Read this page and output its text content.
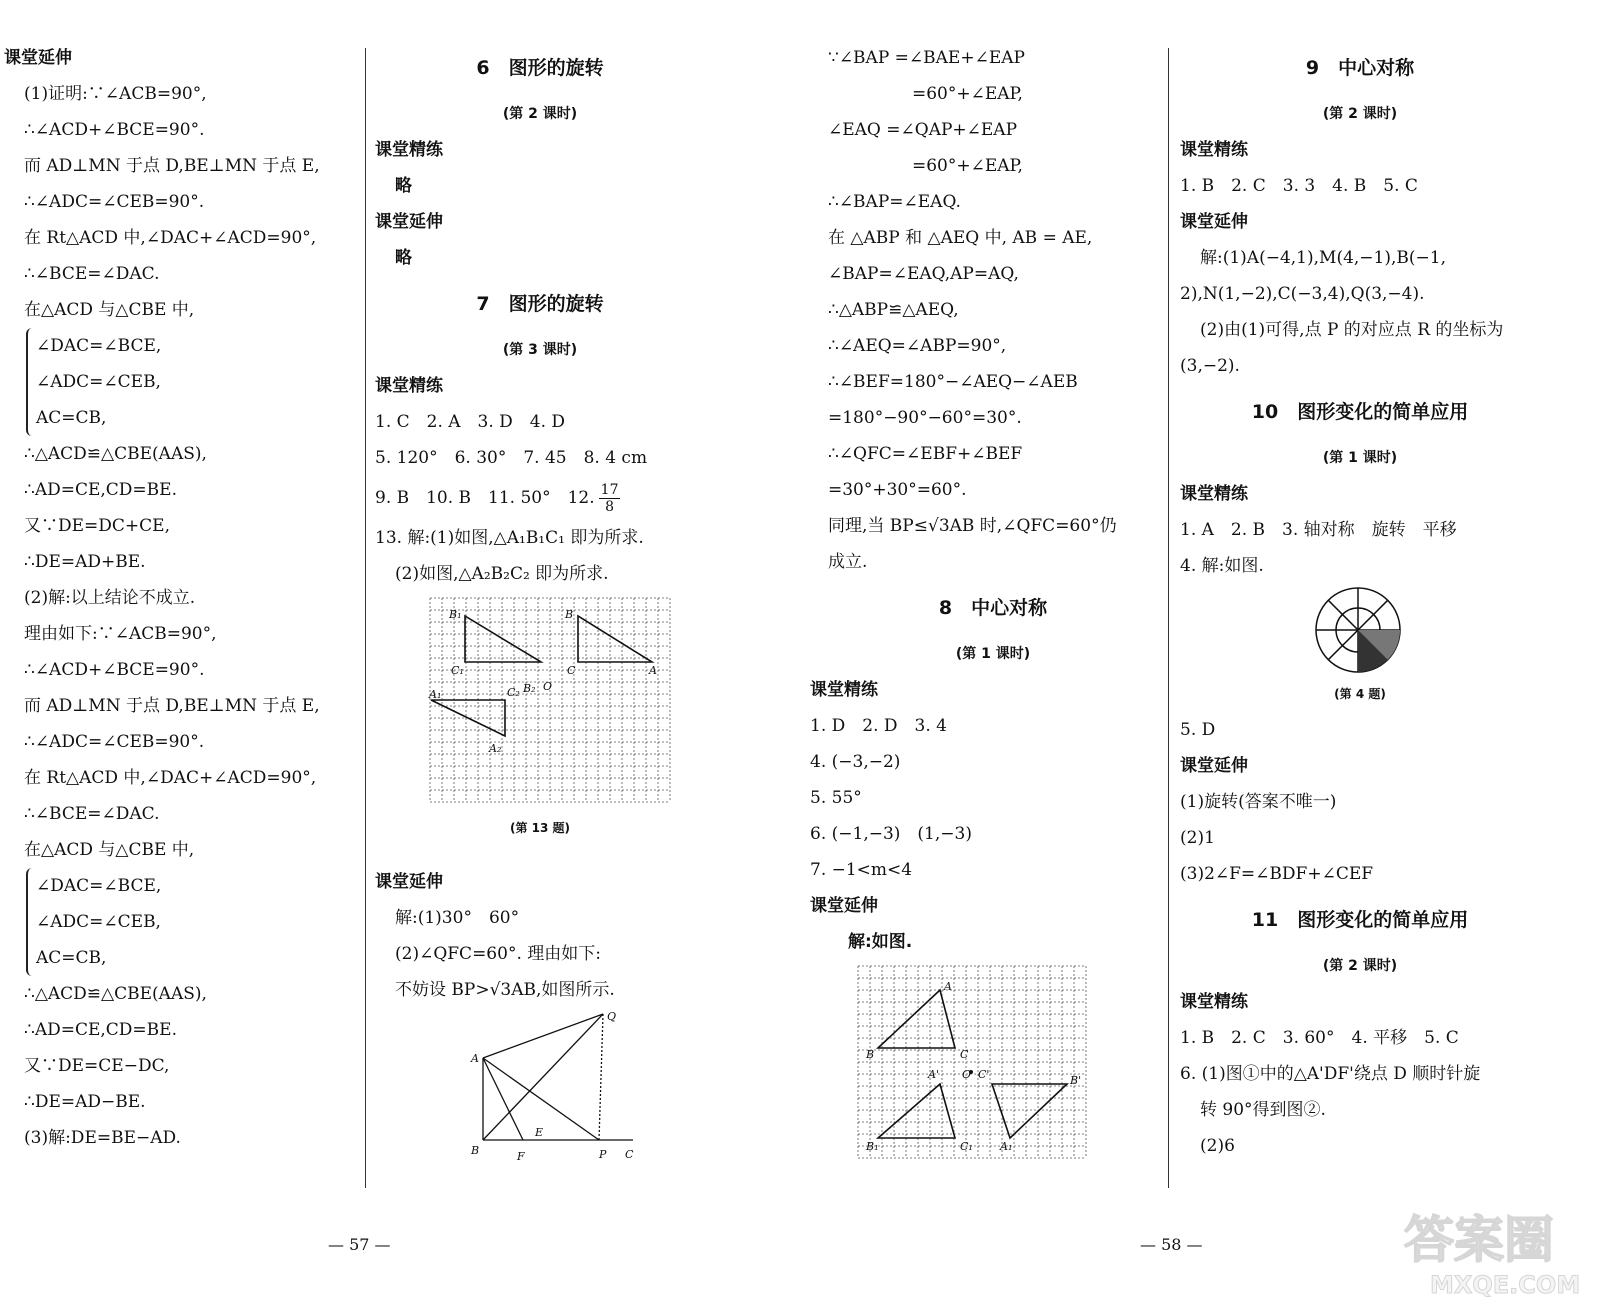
课堂延伸

(1)证明:∵∠ACB=90°,

∴∠ACD+∠BCE=90°.

而 AD⊥MN 于点 D,BE⊥MN 于点 E,

∴∠ADC=∠CEB=90°.

在 Rt△ACD 中,∠DAC+∠ACD=90°,

∴∠BCE=∠DAC.

在△ACD 与△CBE 中,

∠DAC=∠BCE,

∠ADC=∠CEB,

AC=CB,

∴△ACD≌△CBE(AAS),

∴AD=CE,CD=BE.

又∵DE=DC+CE,

∴DE=AD+BE.

(2)解:以上结论不成立.

理由如下:∵∠ACB=90°,

∴∠ACD+∠BCE=90°.

而 AD⊥MN 于点 D,BE⊥MN 于点 E,

∴∠ADC=∠CEB=90°.

在 Rt△ACD 中,∠DAC+∠ACD=90°,

∴∠BCE=∠DAC.

在△ACD 与△CBE 中,

∠DAC=∠BCE,

∠ADC=∠CEB,

AC=CB,

∴△ACD≌△CBE(AAS),

∴AD=CE,CD=BE.

又∵DE=CE−DC,

∴DE=AD−BE.

(3)解:DE=BE−AD.

6　图形的旋转

(第 2 课时)

课堂精练

略

课堂延伸

略

7　图形的旋转

(第 3 课时)

课堂精练

1. C　2. A　3. D　4. D

5. 120°　6. 30°　7. 45　8. 4 cm

9. B　10. B　11. 50°　12. $\frac{17}{8}$

13. 解:(1)如图,△A₁B₁C₁ 即为所求.

(2)如图,△A₂B₂C₂ 即为所求.

B₁	B
C₁
A₁
C	A
A₂
C₂ O
B₂

(第 13 题)

课堂延伸

解:(1)30°　60°

(2)∠QFC=60°. 理由如下:

不妨设 BP>√3AB,如图所示.

Q
A
E
B	F	P C

∵∠BAP =∠BAE+∠EAP

=60°+∠EAP,

∠EAQ =∠QAP+∠EAP

=60°+∠EAP,

∴∠BAP=∠EAQ.

在 △ABP 和 △AEQ 中, AB = AE,

∠BAP=∠EAQ,AP=AQ,

∴△ABP≌△AEQ,

∴∠AEQ=∠ABP=90°,

∴∠BEF=180°−∠AEQ−∠AEB

=180°−90°−60°=30°.

∴∠QFC=∠EBF+∠BEF

=30°+30°=60°.

同理,当 BP≤√3AB 时,∠QFC=60°仍

成立.

8　中心对称

(第 1 课时)

课堂精练

1. D　2. D　3. 4

4. (−3,−2)

5. 55°

6. (−1,−3)　(1,−3)

7. −1<m<4

课堂延伸

解:如图.

A
B	C
A' O C'	B'
C₁ A₁
B₁

9　中心对称

(第 2 课时)

课堂精练

1. B　2. C　3. 3　4. B　5. C

课堂延伸

解:(1)A(−4,1),M(4,−1),B(−1,

2),N(1,−2),C(−3,4),Q(3,−4).

(2)由(1)可得,点 P 的对应点 R 的坐标为

(3,−2).

10　图形变化的简单应用

(第 1 课时)

课堂精练

1. A　2. B　3. 轴对称　旋转　平移

4. 解:如图.

(第 4 题)

5. D

课堂延伸

(1)旋转(答案不唯一)

(2)1

(3)2∠F=∠BDF+∠CEF

11　图形变化的简单应用

(第 2 课时)

课堂精练

1. B　2. C　3. 60°　4. 平移　5. C

6. (1)图①中的△A'DF'绕点 D 顺时针旋

转 90°得到图②.

(2)6

— 57 —	— 58 —	答案圈
MXQE.COM
